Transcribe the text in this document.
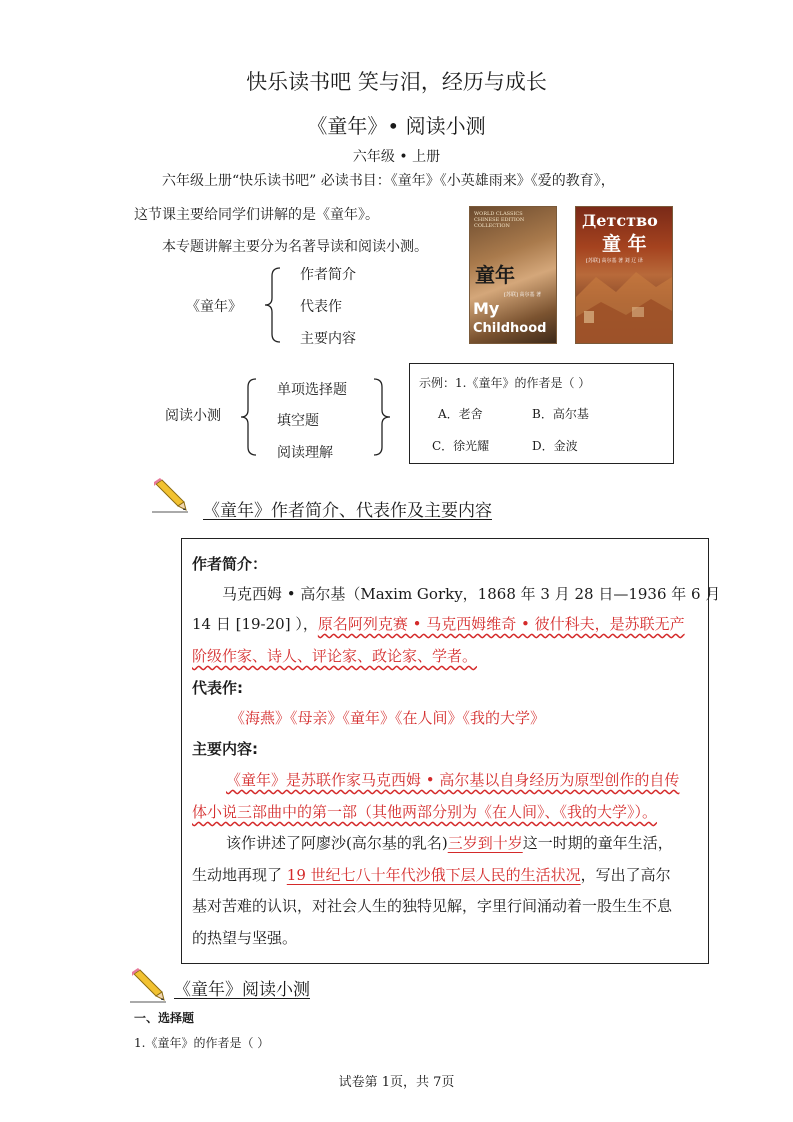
快乐读书吧 笑与泪，经历与成长
《童年》• 阅读小测
六年级 • 上册
六年级上册“快乐读书吧” 必读书目：《童年》《小英雄雨来》《爱的教育》，
这节课主要给同学们讲解的是《童年》。
本专题讲解主要分为名著导读和阅读小测。
WORLD CLASSICS
CHINESE EDITION
COLLECTION
童年
[苏联] 高尔基 著
My
Childhood
Детство
童 年
[苏联] 高尔基 著 刘 辽 译
《童年》
作者简介
代表作
主要内容
阅读小测
单项选择题
填空题
阅读理解
示例：1.《童年》的作者是（ ）
A．老舍	B．高尔基
C．徐光耀	D．金波
《童年》作者简介、代表作及主要内容
作者简介：
马克西姆 • 高尔基（Maxim Gorky，1868 年 3 月 28 日—1936 年 6 月
14 日 [19-20] ），原名阿列克赛 • 马克西姆维奇 • 彼什科夫，是苏联无产
阶级作家、诗人、评论家、政论家、学者。
代表作:
《海燕》《母亲》《童年》《在人间》《我的大学》
主要内容:
《童年》是苏联作家马克西姆 • 高尔基以自身经历为原型创作的自传
体小说三部曲中的第一部（其他两部分别为《在人间》、《我的大学》）。
该作讲述了阿廖沙(高尔基的乳名)三岁到十岁这一时期的童年生活，
生动地再现了 19 世纪七八十年代沙俄下层人民的生活状况，写出了高尔
基对苦难的认识，对社会人生的独特见解，字里行间涌动着一股生生不息
的热望与坚强。
《童年》阅读小测
一、选择题
1.《童年》的作者是（ ）
试卷第 1页，共 7页
